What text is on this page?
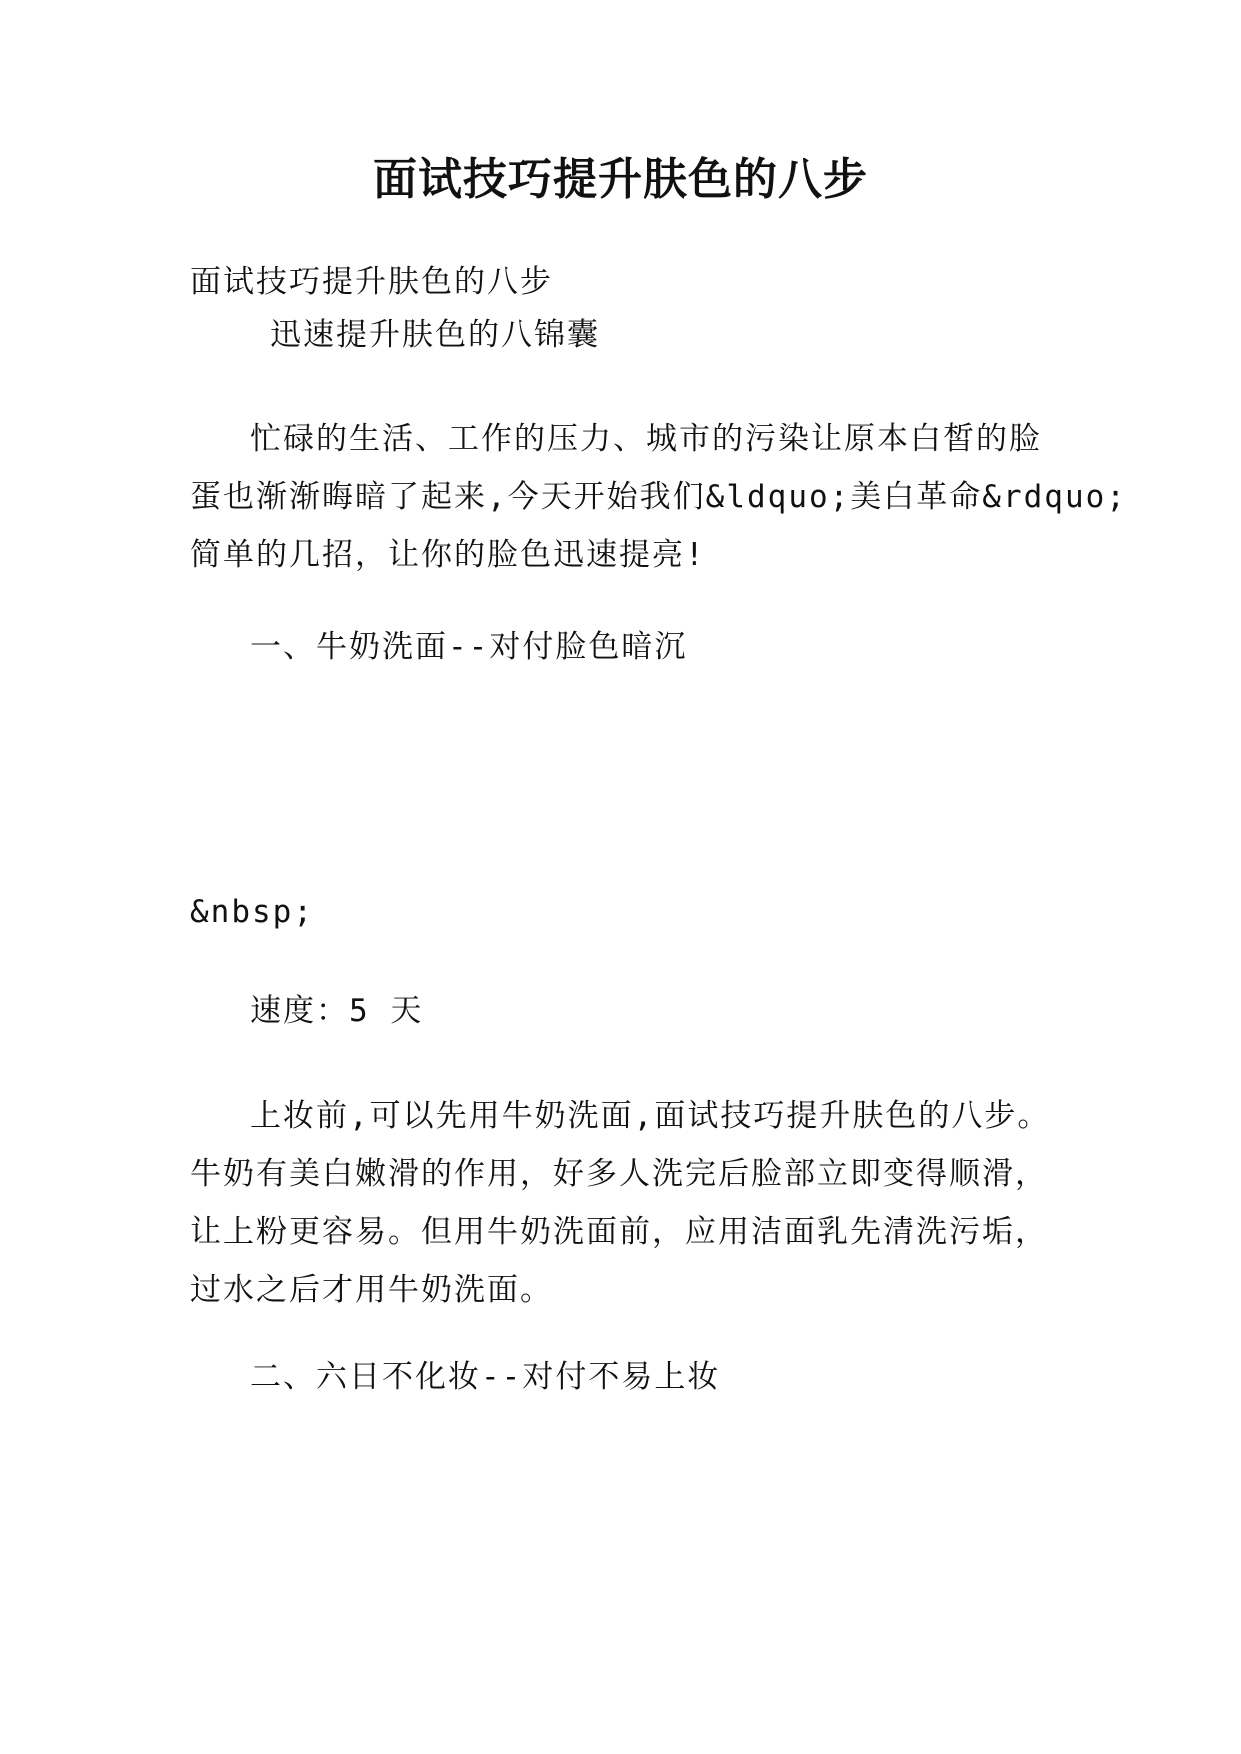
面试技巧提升肤色的八步
面试技巧提升肤色的八步
迅速提升肤色的八锦囊
忙碌的生活、工作的压力、城市的污染让原本白皙的脸
蛋也渐渐晦暗了起来,今天开始我们&ldquo;美白革命&rdquo;
简单的几招，让你的脸色迅速提亮!
一、牛奶洗面--对付脸色暗沉
&nbsp;
速度：5 天
上妆前,可以先用牛奶洗面,面试技巧提升肤色的八步。
牛奶有美白嫩滑的作用，好多人洗完后脸部立即变得顺滑，
让上粉更容易。但用牛奶洗面前，应用洁面乳先清洗污垢，
过水之后才用牛奶洗面。
二、六日不化妆--对付不易上妆
